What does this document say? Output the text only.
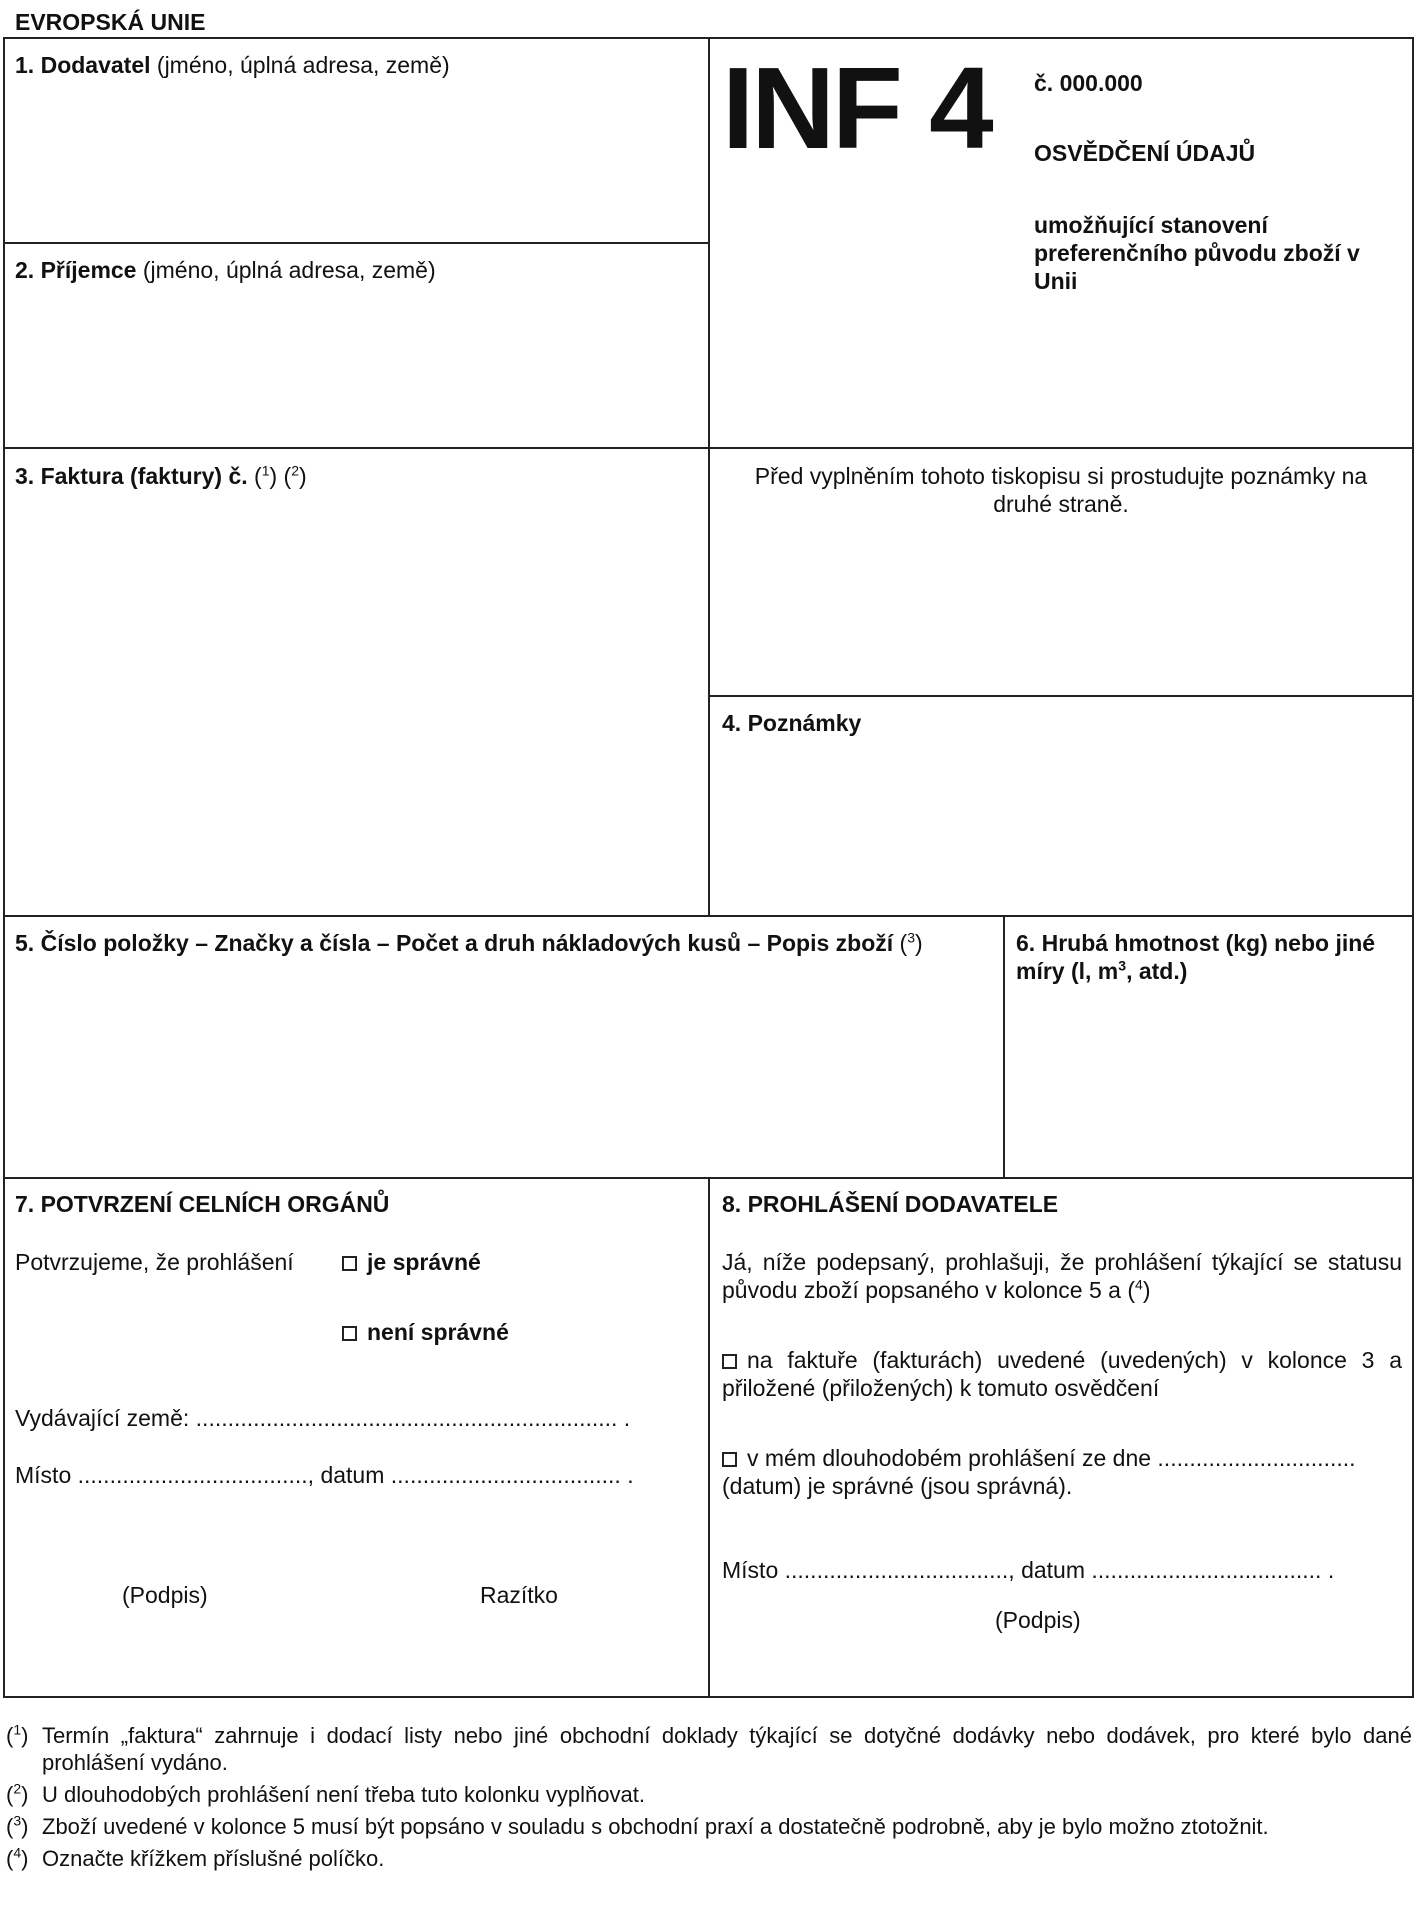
EVROPSKÁ UNIE
1. Dodavatel (jméno, úplná adresa, země)
2. Příjemce (jméno, úplná adresa, země)
INF 4 č. 000.000
OSVĚDČENÍ ÚDAJŮ
umožňující stanovení preferenčního původu zboží v Unii
3. Faktura (faktury) č. ($^1$) ($^2$)	Před vyplněním tohoto tiskopisu si prostudujte poznámky na druhé straně.
4. Poznámky
5. Číslo položky – Značky a čísla – Počet a druh nákladových kusů – Popis zboží ($^3$)	6. Hrubá hmotnost (kg) nebo jiné míry (l, $m^3$, atd.)
7. POTVRZENÍ CELNÍCH ORGÁNŮ
Potvrzujeme, že prohlášení	je správné
není správné
Vydávající země: .................................................................. .
Místo ...................................., datum .................................... .
(Podpis)	Razítko
8. PROHLÁŠENÍ DODAVATELE
Já, níže podepsaný, prohlašuji, že prohlášení týkající se statusu původu zboží popsaného v kolonce 5 a ($^4$)
na faktuře (fakturách) uvedené (uvedených) v kolonce 3 a přiložené (přiložených) k tomuto osvědčení
v mém dlouhodobém prohlášení ze dne ...............................
(datum) je správné (jsou správná).
Místo ..................................., datum .................................... .
(Podpis)
($^1$) Termín „faktura“ zahrnuje i dodací listy nebo jiné obchodní doklady týkající se dotyčné dodávky nebo dodávek, pro které bylo dané prohlášení vydáno.
($^2$) U dlouhodobých prohlášení není třeba tuto kolonku vyplňovat.
($^3$) Zboží uvedené v kolonce 5 musí být popsáno v souladu s obchodní praxí a dostatečně podrobně, aby je bylo možno ztotožnit.
($^4$) Označte křížkem příslušné políčko.
